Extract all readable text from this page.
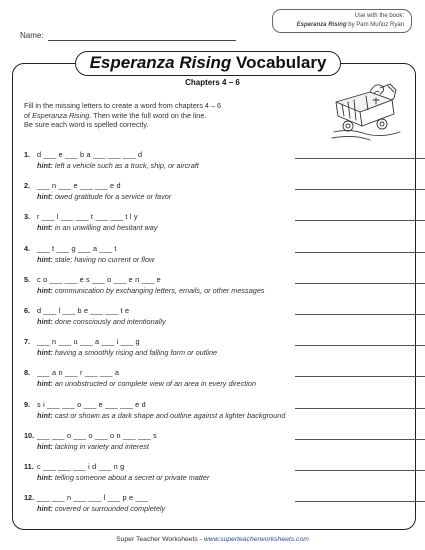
Use with the book:
Esperanza Rising by Pam Muñoz Ryan
Name:
Esperanza Rising Vocabulary
Chapters 4 – 6
Fill in the missing letters to create a word from chapters 4 – 6
of Esperanza Rising. Then write the full word on the line.
Be sure each word is spelled correctly.
1. d ___ e ___ b a ___ ___ ___ d
hint: left a vehicle such as a truck, ship, or aircraft
2. ___ n ___ e ___ ___ e d
hint: owed gratitude for a service or favor
3. r ___ l ___ ___ t ___ ___ t l y
hint: in an unwilling and hesitant way
4. ___ t ___ g ___ a ___ t
hint: stale; having no current or flow
5. c o ___ ___ e s ___ o ___ e n ___ e
hint: communication by exchanging letters, emails, or other messages
6. d ___ l ___ b e ___ ___ t e
hint: done consciously and intentionally
7. ___ n ___ u ___ a ___ i ___ g
hint: having a smoothly rising and falling form or outline
8. ___ a n ___ r ___ ___ a
hint: an unobstructed or complete view of an area in every direction
9. s i ___ ___ o ___ e ___ ___ e d
hint: cast or shown as a dark shape and outline against a lighter background
10. ___ ___ o ___ o ___ o n ___ ___ s
hint: lacking in variety and interest
11. c ___ ___ ___ i d ___ n g
hint: telling someone about a secret or private matter
12. ___ ___ n ___ ___ l ___ p e ___
hint: covered or surrounded completely
Super Teacher Worksheets - www.superteacherworksheets.com
